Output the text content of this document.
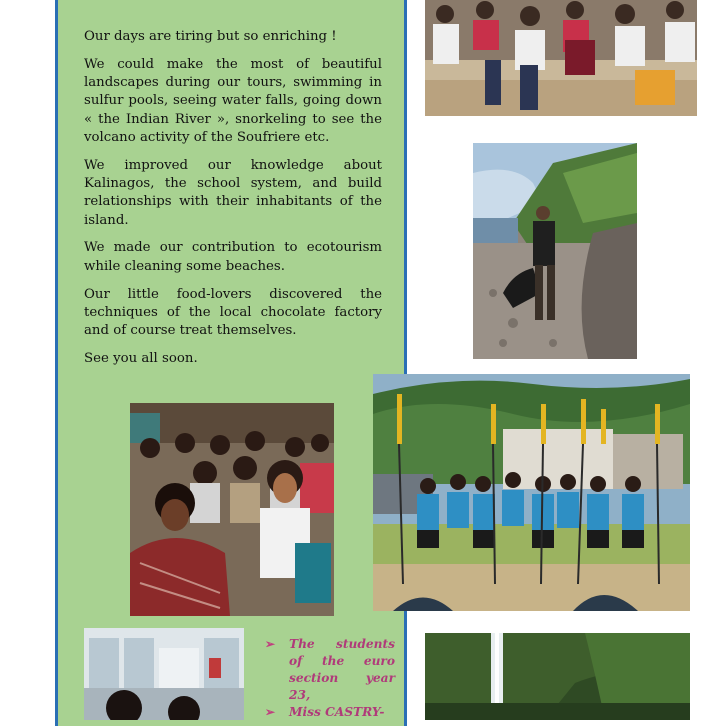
Our days are tiring but so enriching !

We could make the most of beautiful landscapes during our tours, swimming in sulfur pools, seeing water falls, going down « the Indian River », snorkeling to see the volcano activity of the Soufriere etc.

We improved our knowledge about Kalinagos, the school system, and build relationships with their inhabitants of the island.

We made our contribution to ecotourism while cleaning some beaches.

Our little food-lovers discovered the techniques of the local chocolate factory and of course treat themselves.

See you all soon.

➢	The students of the euro section year 23,
➢	Miss CASTRY-
